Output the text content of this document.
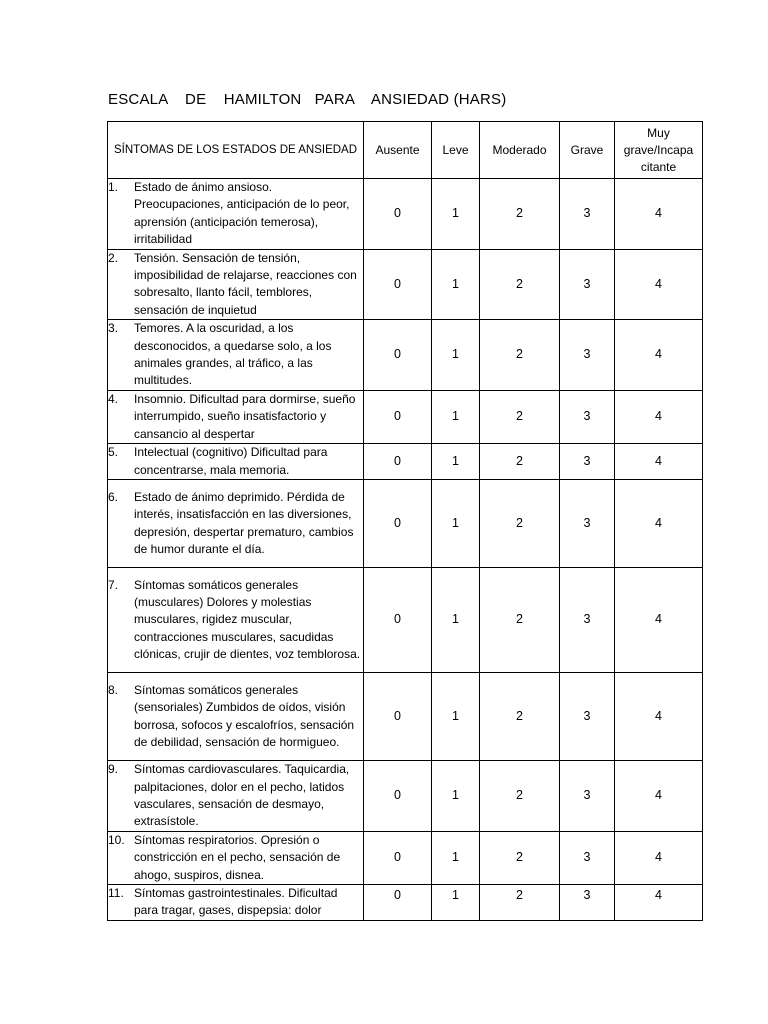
ESCALA    DE    HAMILTON   PARA    ANSIEDAD (HARS)
SÍNTOMAS DE LOS ESTADOS DE ANSIEDAD	Ausente	Leve	Moderado	Grave	Muy grave/Incapa citante

1. Estado de ánimo ansioso. Preocupaciones, anticipación de lo peor, aprensión (anticipación temerosa), irritabilidad	0	1	2	3	4

2. Tensión. Sensación de tensión, imposibilidad de relajarse, reacciones con sobresalto, llanto fácil, temblores, sensación de inquietud	0	1	2	3	4

3. Temores. A la oscuridad, a los desconocidos, a quedarse solo, a los animales grandes, al tráfico, a las multitudes.	0	1	2	3	4

4. Insomnio. Dificultad para dormirse, sueño interrumpido, sueño insatisfactorio y cansancio al despertar	0	1	2	3	4

5. Intelectual (cognitivo) Dificultad para concentrarse, mala memoria.	0	1	2	3	4

6. Estado de ánimo deprimido. Pérdida de interés, insatisfacción en las diversiones, depresión, despertar prematuro, cambios de humor durante el día.	0	1	2	3	4

7. Síntomas somáticos generales (musculares) Dolores y molestias musculares, rigidez muscular, contracciones musculares, sacudidas clónicas, crujir de dientes, voz temblorosa.	0	1	2	3	4

8. Síntomas somáticos generales (sensoriales) Zumbidos de oídos, visión borrosa, sofocos y escalofríos, sensación de debilidad, sensación de hormigueo.	0	1	2	3	4

9. Síntomas cardiovasculares. Taquicardia, palpitaciones, dolor en el pecho, latidos vasculares, sensación de desmayo, extrasístole.	0	1	2	3	4

10. Síntomas respiratorios. Opresión o constricción en el pecho, sensación de ahogo, suspiros, disnea.	0	1	2	3	4

11. Síntomas gastrointestinales. Dificultad para tragar, gases, dispepsia: dolor	0	1	2	3	4
